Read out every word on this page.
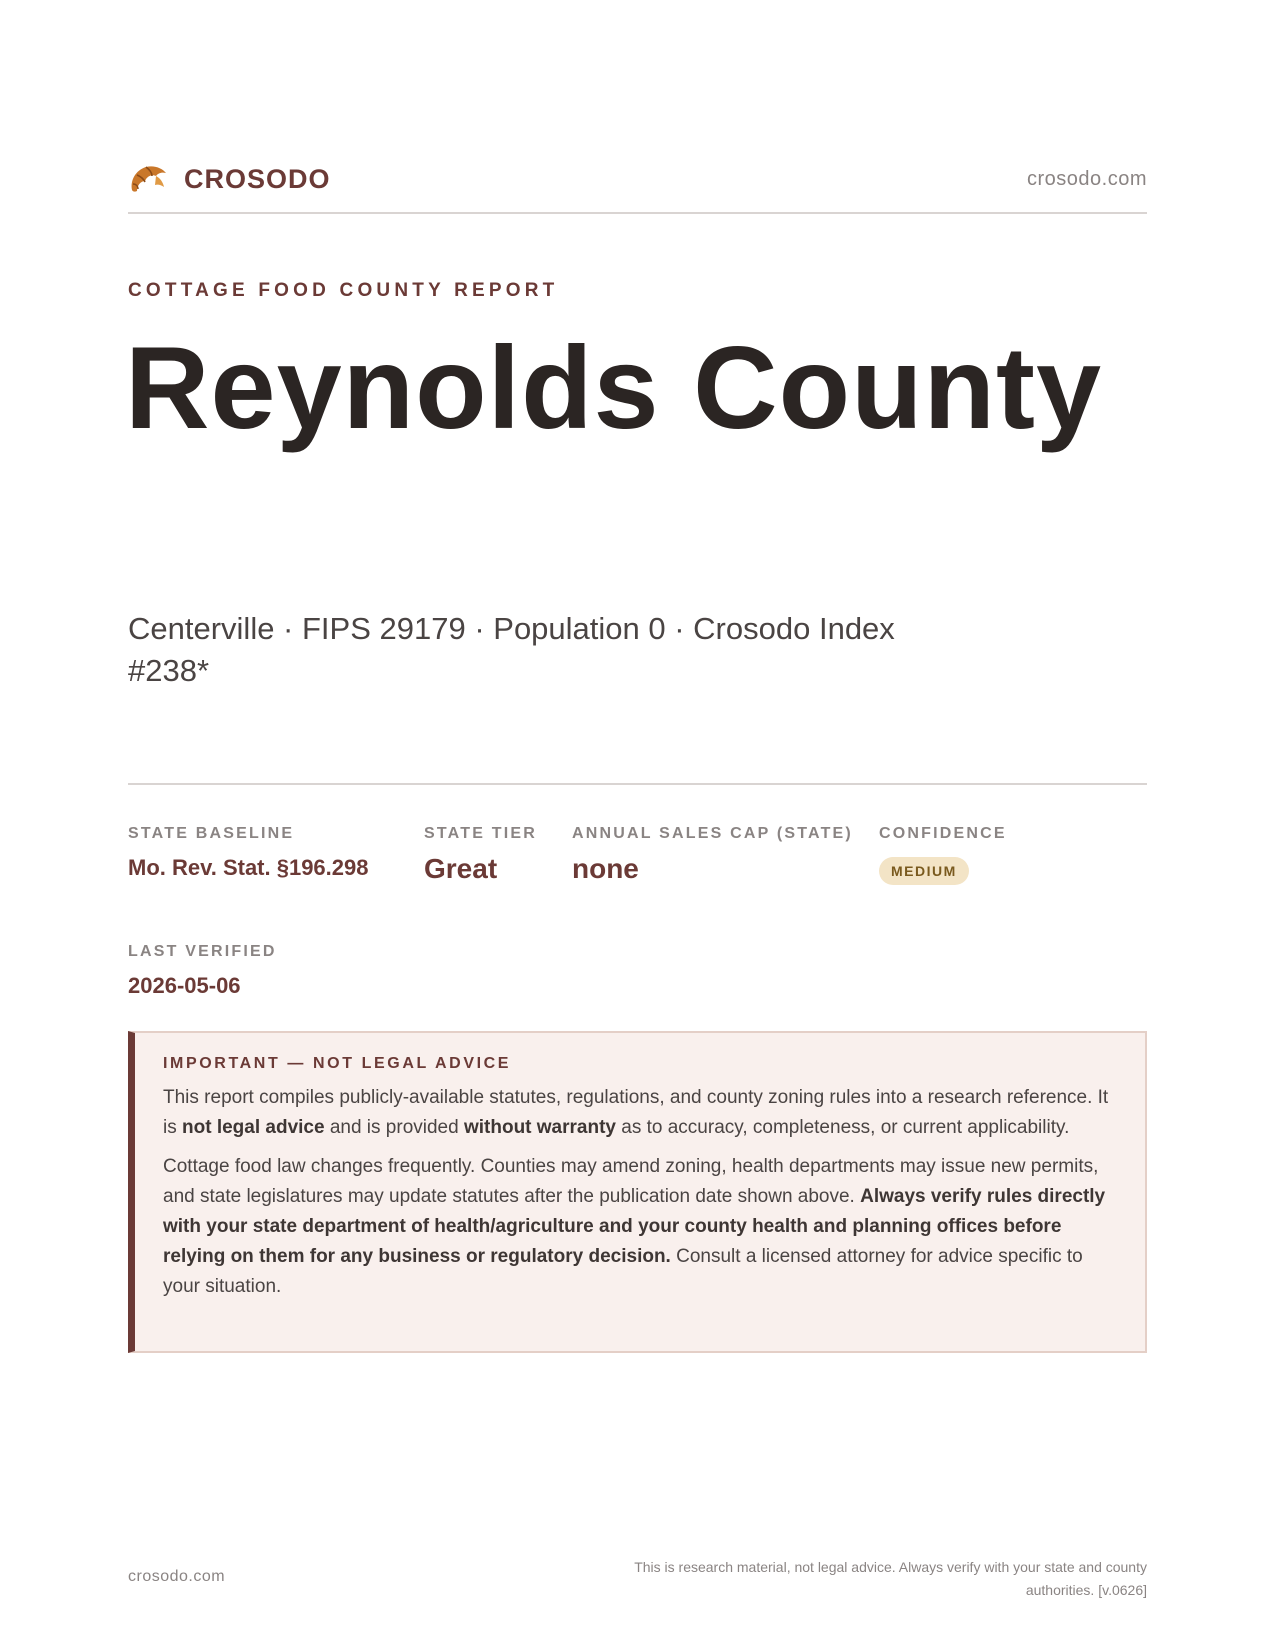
CROSODO	crosodo.com
COTTAGE FOOD COUNTY REPORT
Reynolds County
Centerville · FIPS 29179 · Population 0 · Crosodo Index #238*
STATE BASELINE
Mo. Rev. Stat. §196.298
STATE TIER
Great
ANNUAL SALES CAP (STATE)
none
CONFIDENCE
MEDIUM
LAST VERIFIED
2026-05-06
IMPORTANT — NOT LEGAL ADVICE

This report compiles publicly-available statutes, regulations, and county zoning rules into a research reference. It is not legal advice and is provided without warranty as to accuracy, completeness, or current applicability.

Cottage food law changes frequently. Counties may amend zoning, health departments may issue new permits, and state legislatures may update statutes after the publication date shown above. Always verify rules directly with your state department of health/agriculture and your county health and planning offices before relying on them for any business or regulatory decision. Consult a licensed attorney for advice specific to your situation.

crosodo.com
This is research material, not legal advice. Always verify with your state and county authorities. [v.0626]
